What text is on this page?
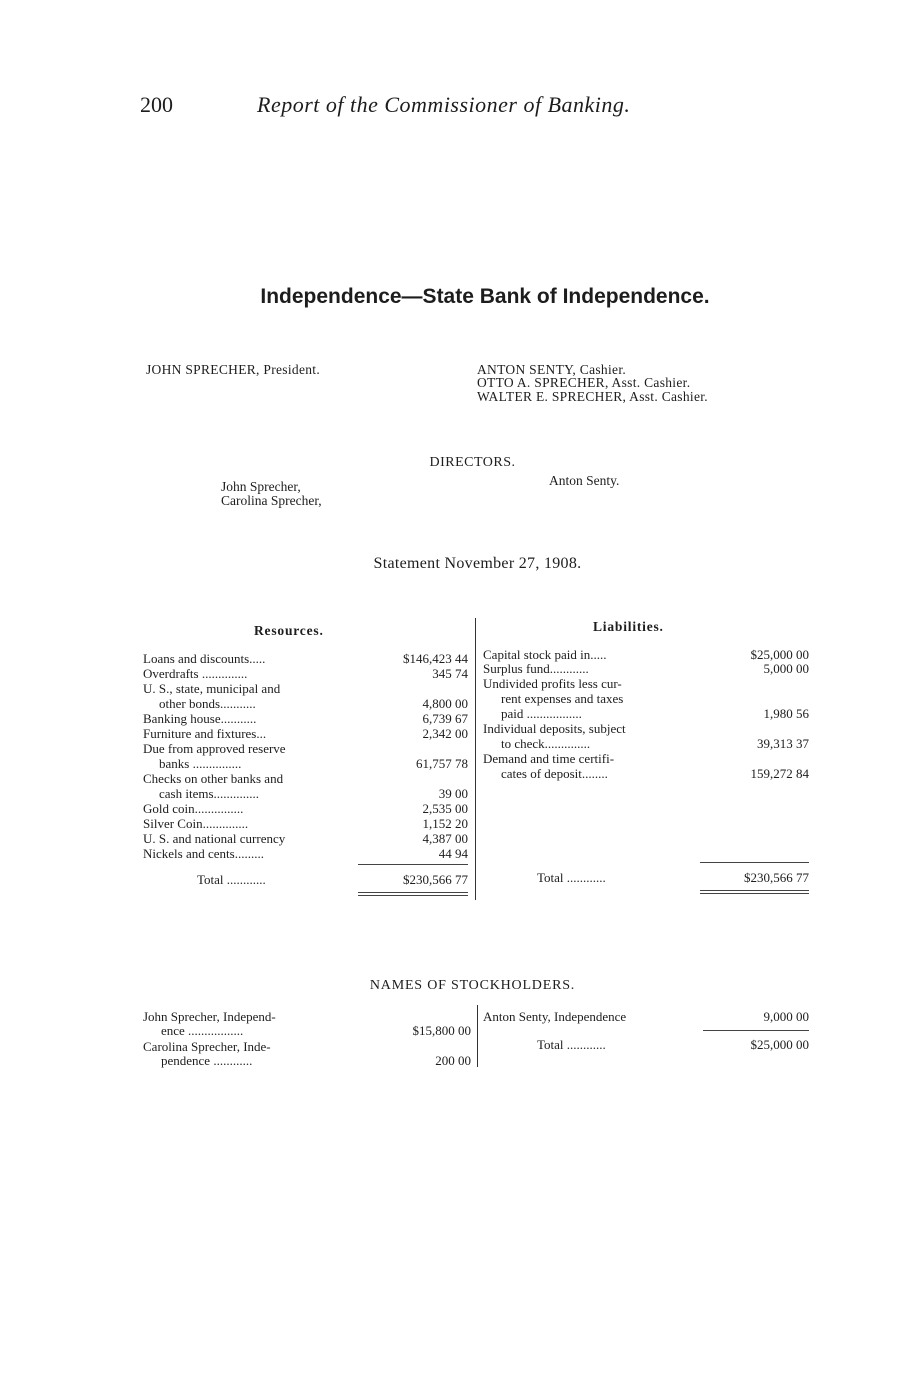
200	Report of the Commissioner of Banking.
Independence—State Bank of Independence.
JOHN SPRECHER, President.	ANTON SENTY, Cashier.
OTTO A. SPRECHER, Asst. Cashier.
WALTER E. SPRECHER, Asst. Cashier.
DIRECTORS.
John Sprecher,
Carolina Sprecher,
Anton Senty.
Statement November 27, 1908.
Resources.	Liabilities.
Loans and discounts.....	$146,423 44
Overdrafts ..............	345 74
U. S., state, municipal and
other bonds...........	4,800 00
Banking house...........	6,739 67
Furniture and fixtures...	2,342 00
Due from approved reserve
banks ...............	61,757 78
Checks on other banks and
cash items..............	39 00
Gold coin...............	2,535 00
Silver Coin..............	1,152 20
U. S. and national currency	4,387 00
Nickels and cents.........	44 94
Total ............	$230,566 77
Capital stock paid in.....	$25,000 00
Surplus fund............	5,000 00
Undivided profits less cur-
rent expenses and taxes
paid .................	1,980 56
Individual deposits, subject
to check..............	39,313 37
Demand and time certifi-
cates of deposit........	159,272 84
Total ............	$230,566 77
NAMES OF STOCKHOLDERS.
John Sprecher, Independ-
ence .................	$15,800 00
Carolina Sprecher, Inde-
pendence ............	200 00
Anton Senty, Independence	9,000 00
Total ............	$25,000 00
